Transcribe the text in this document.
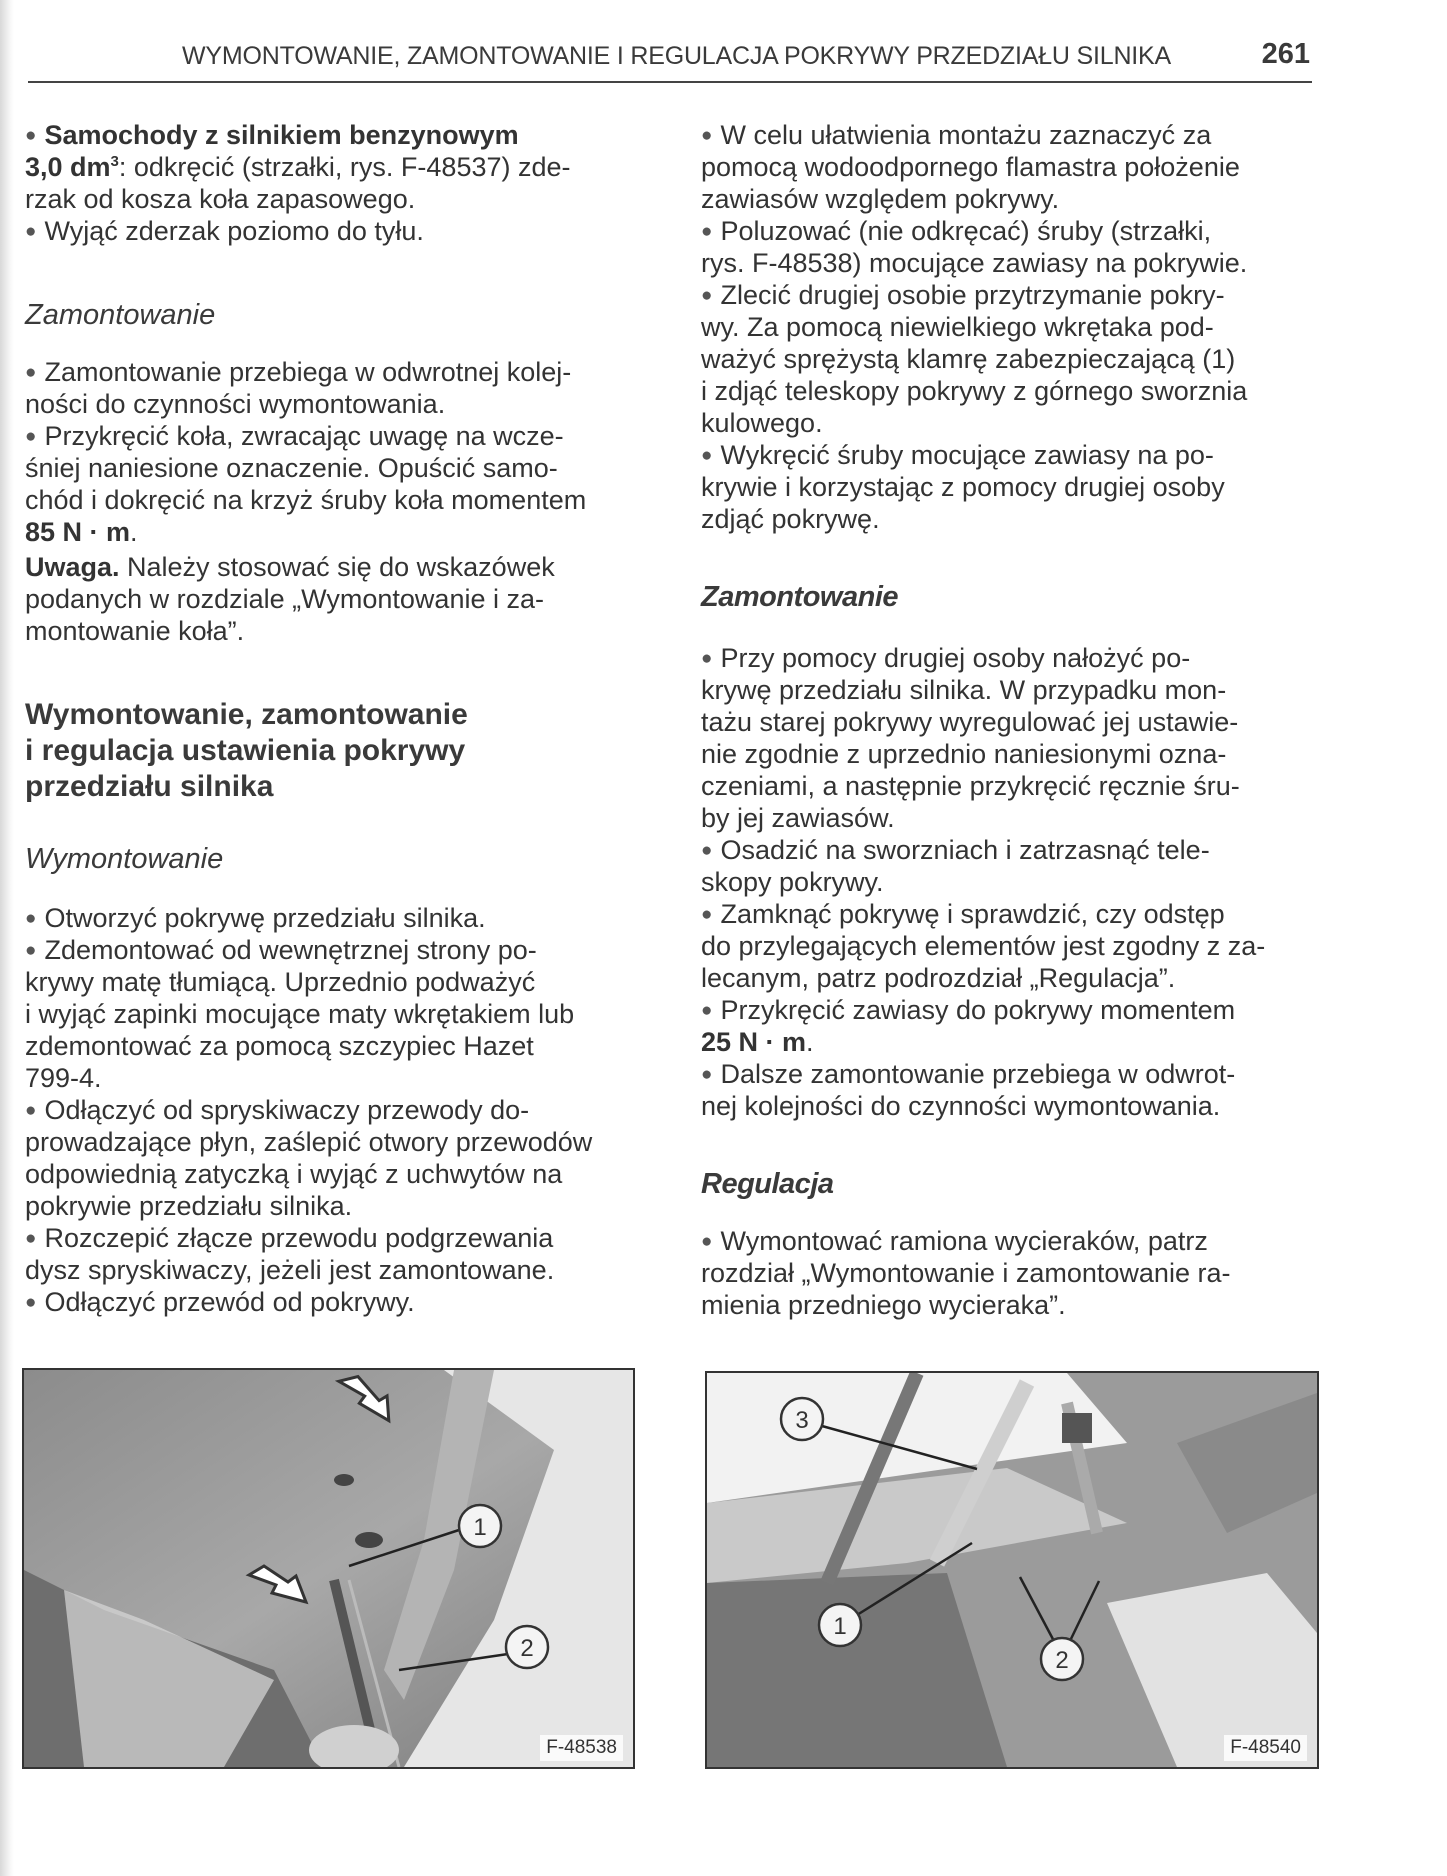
WYMONTOWANIE, ZAMONTOWANIE I REGULACJA POKRYWY PRZEDZIAŁU SILNIKA	261
● Samochody z silnikiem benzynowym
3,0 $dm^3$: odkręcić (strzałki, rys. F-48537) zde-
rzak od kosza koła zapasowego.
● Wyjąć zderzak poziomo do tyłu.
Zamontowanie
● Zamontowanie przebiega w odwrotnej kolej-
ności do czynności wymontowania.
● Przykręcić koła, zwracając uwagę na wcze-
śniej naniesione oznaczenie. Opuścić samo-
chód i dokręcić na krzyż śruby koła momentem
85 N · m.
Uwaga. Należy stosować się do wskazówek
podanych w rozdziale „Wymontowanie i za-
montowanie koła”.
Wymontowanie, zamontowanie
i regulacja ustawienia pokrywy
przedziału silnika
Wymontowanie
● Otworzyć pokrywę przedziału silnika.
● Zdemontować od wewnętrznej strony po-
krywy matę tłumiącą. Uprzednio podważyć
i wyjąć zapinki mocujące maty wkrętakiem lub
zdemontować za pomocą szczypiec Hazet
799-4.
● Odłączyć od spryskiwaczy przewody do-
prowadzające płyn, zaślepić otwory przewodów
odpowiednią zatyczką i wyjąć z uchwytów na
pokrywie przedziału silnika.
● Rozczepić złącze przewodu podgrzewania
dysz spryskiwaczy, jeżeli jest zamontowane.
● Odłączyć przewód od pokrywy.
● W celu ułatwienia montażu zaznaczyć za
pomocą wodoodpornego flamastra położenie
zawiasów względem pokrywy.
● Poluzować (nie odkręcać) śruby (strzałki,
rys. F-48538) mocujące zawiasy na pokrywie.
● Zlecić drugiej osobie przytrzymanie pokry-
wy. Za pomocą niewielkiego wkrętaka pod-
ważyć sprężystą klamrę zabezpieczającą (1)
i zdjąć teleskopy pokrywy z górnego sworznia
kulowego.
● Wykręcić śruby mocujące zawiasy na po-
krywie i korzystając z pomocy drugiej osoby
zdjąć pokrywę.
Zamontowanie
● Przy pomocy drugiej osoby nałożyć po-
krywę przedziału silnika. W przypadku mon-
tażu starej pokrywy wyregulować jej ustawie-
nie zgodnie z uprzednio naniesionymi ozna-
czeniami, a następnie przykręcić ręcznie śru-
by jej zawiasów.
● Osadzić na sworzniach i zatrzasnąć tele-
skopy pokrywy.
● Zamknąć pokrywę i sprawdzić, czy odstęp
do przylegających elementów jest zgodny z za-
lecanym, patrz podrozdział „Regulacja”.
● Przykręcić zawiasy do pokrywy momentem
25 N · m.
● Dalsze zamontowanie przebiega w odwrot-
nej kolejności do czynności wymontowania.
Regulacja
● Wymontować ramiona wycieraków, patrz
rozdział „Wymontowanie i zamontowanie ra-
mienia przedniego wycieraka”.
1
2
F-48538
3
1
2
F-48540
